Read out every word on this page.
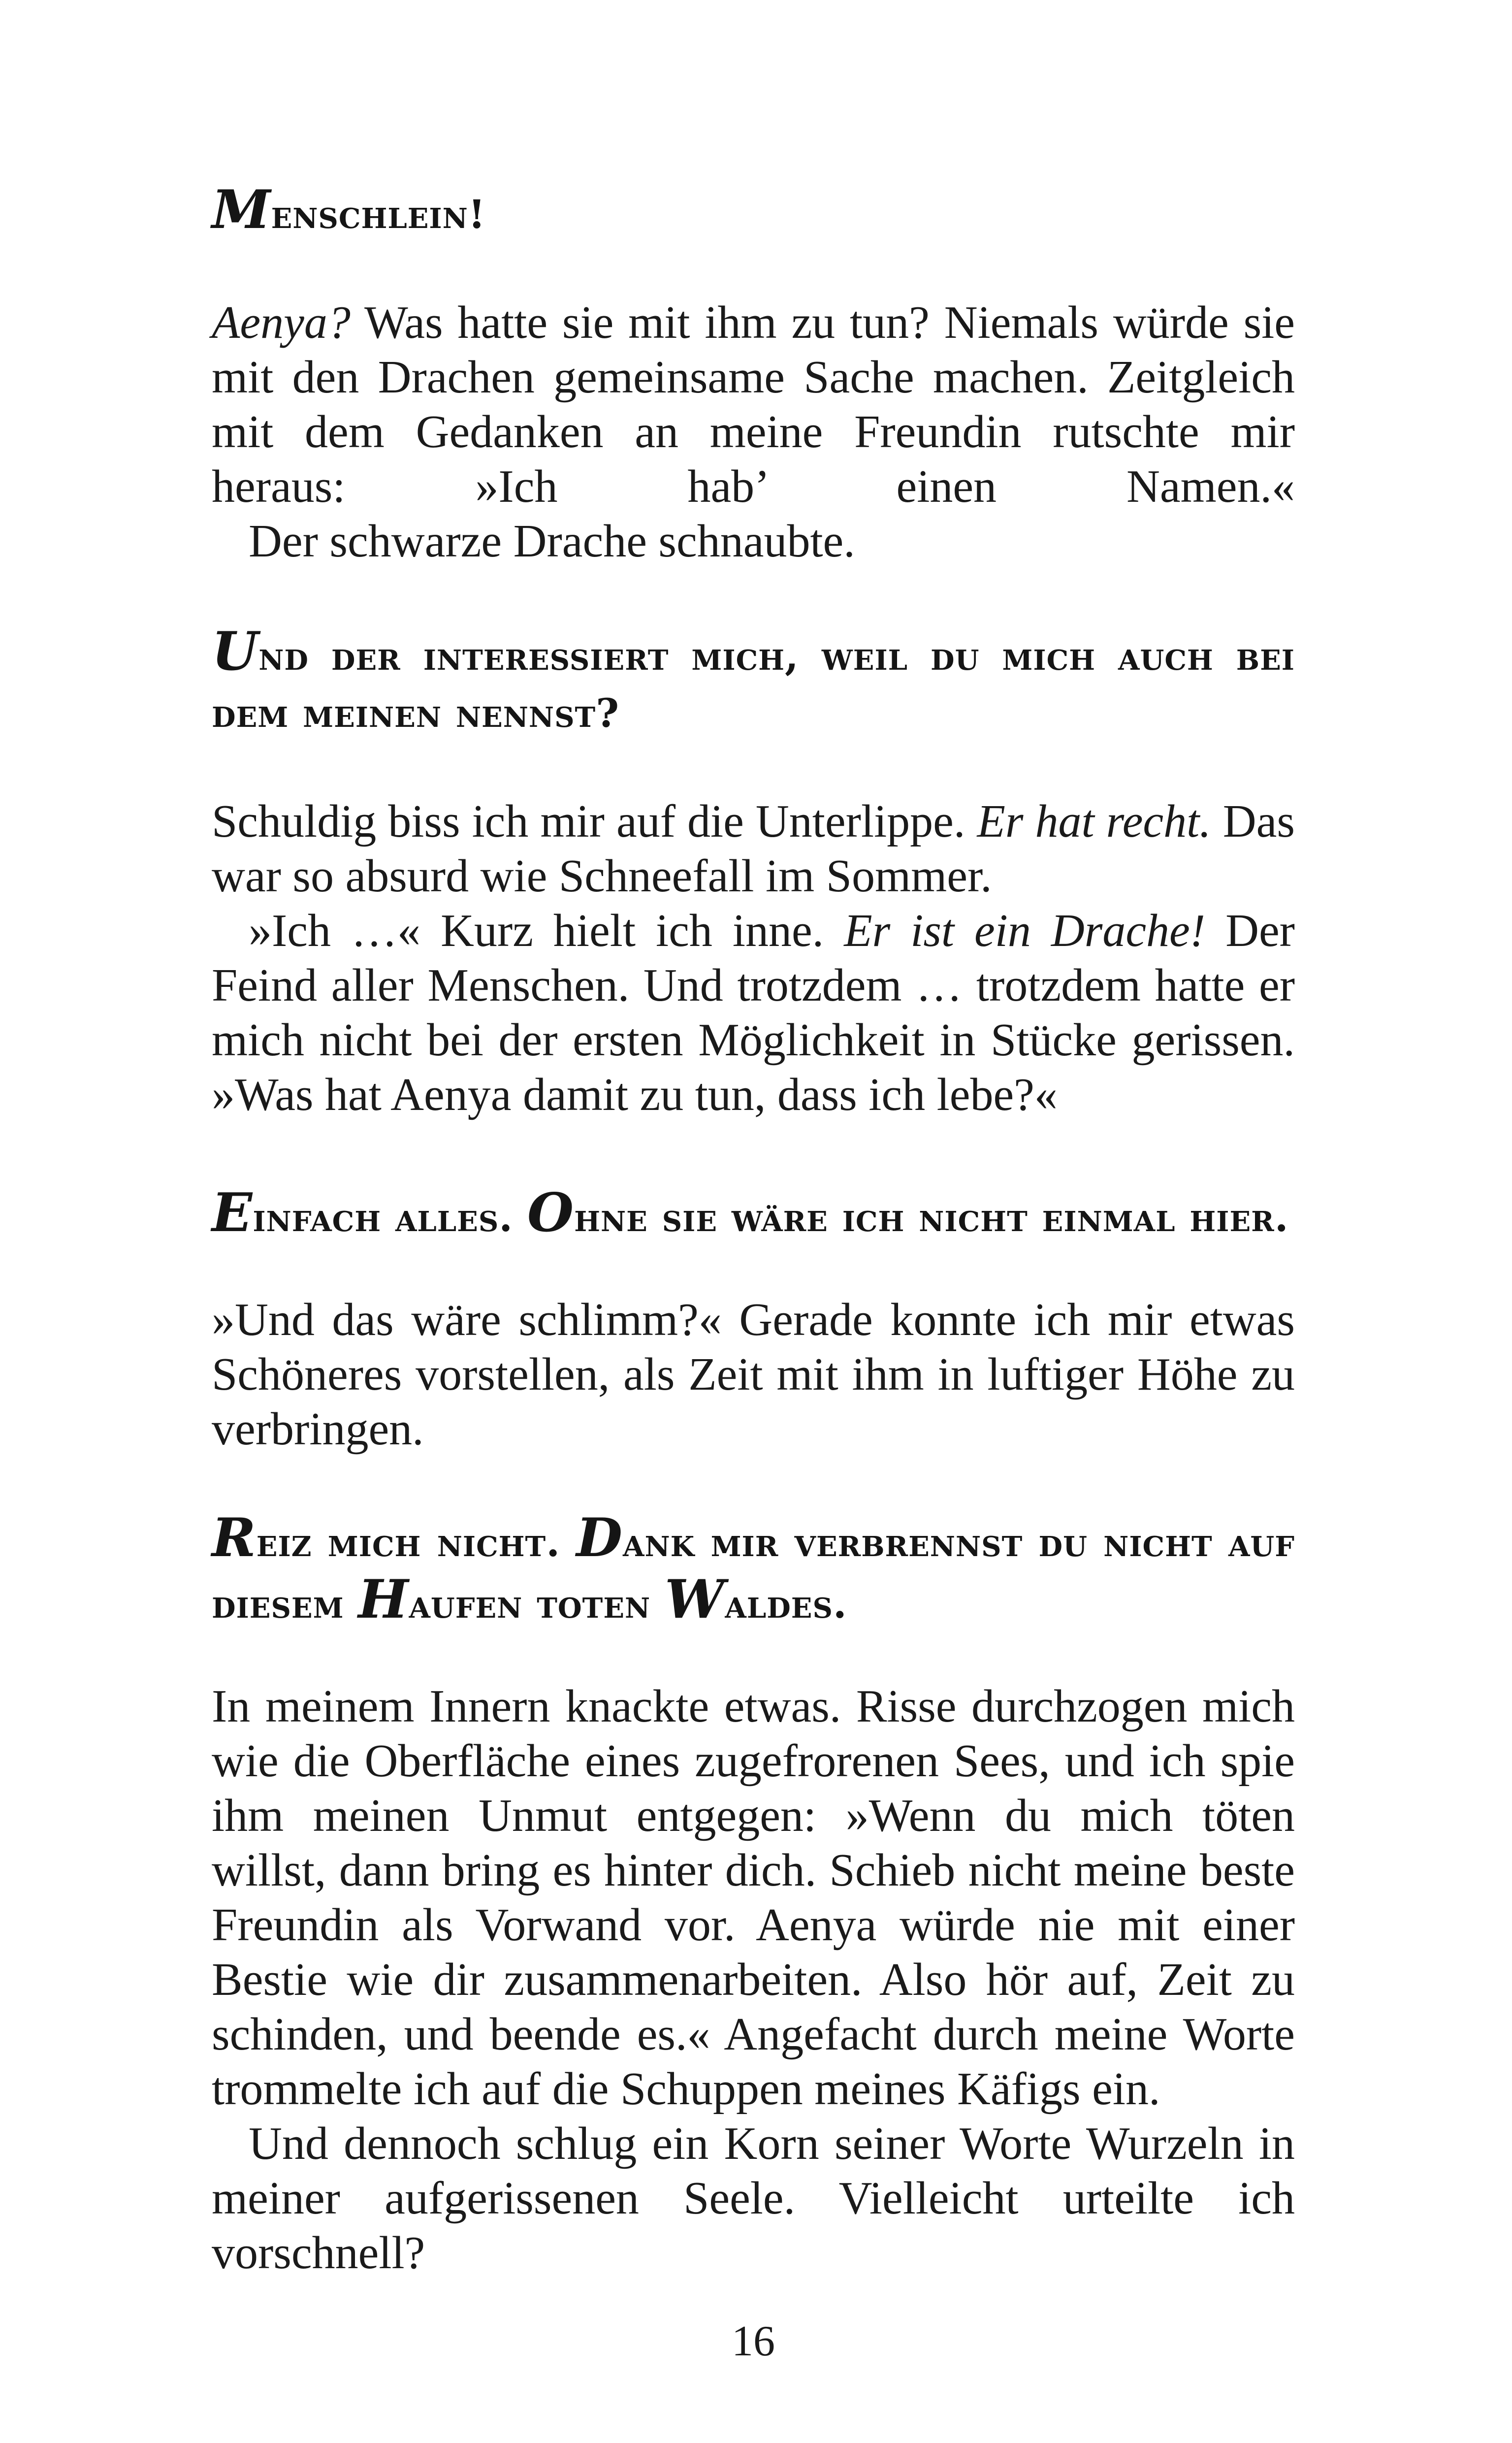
Menschlein!

Aenya? Was hatte sie mit ihm zu tun? Niemals würde sie mit den Drachen gemeinsame Sache machen. Zeitgleich mit dem Gedanken an meine Freundin rutschte mir heraus: »Ich hab’ einen Namen.«

Der schwarze Drache schnaubte.

Und der interessiert mich, weil du mich auch bei dem meinen nennst?

Schuldig biss ich mir auf die Unterlippe. Er hat recht. Das war so absurd wie Schneefall im Sommer.

»Ich …« Kurz hielt ich inne. Er ist ein Drache! Der Feind aller Menschen. Und trotzdem … trotzdem hatte er mich nicht bei der ersten Möglichkeit in Stücke gerissen. »Was hat Aenya damit zu tun, dass ich lebe?«

Einfach alles. Ohne sie wäre ich nicht einmal hier.

»Und das wäre schlimm?« Gerade konnte ich mir etwas Schöneres vorstellen, als Zeit mit ihm in luftiger Höhe zu verbringen.

Reiz mich nicht. Dank mir verbrennst du nicht auf diesem Haufen toten Waldes.

In meinem Innern knackte etwas. Risse durchzogen mich wie die Oberfläche eines zugefrorenen Sees, und ich spie ihm meinen Unmut entgegen: »Wenn du mich töten willst, dann bring es hinter dich. Schieb nicht meine beste Freundin als Vorwand vor. Aenya würde nie mit einer Bestie wie dir zusammenarbeiten. Also hör auf, Zeit zu schinden, und beende es.« Angefacht durch meine Worte trommelte ich auf die Schuppen meines Käfigs ein.

Und dennoch schlug ein Korn seiner Worte Wurzeln in meiner aufgerissenen Seele. Vielleicht urteilte ich vorschnell?

16
